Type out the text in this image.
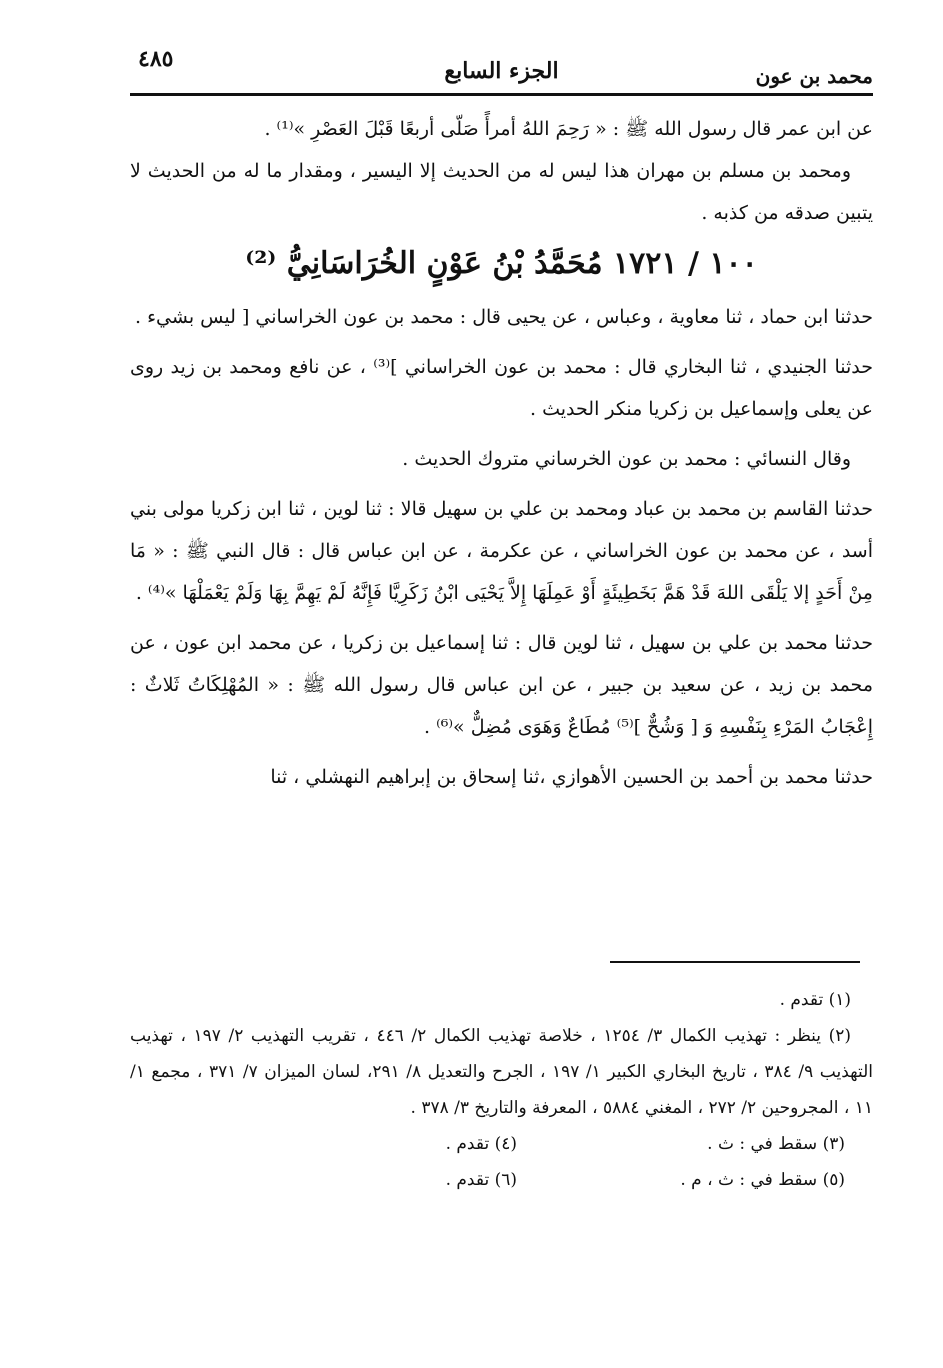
محمد بن عون
الجزء السابع
٤٨٥

عن ابن عمر قال رسول الله ﷺ : « رَحِمَ اللهُ أمرأً صَلّى أربعًا قَبْلَ العَصْرِ »⁽¹⁾ .

ومحمد بن مسلم بن مهران هذا ليس له من الحديث إلا اليسير ، ومقدار ما له من الحديث لا يتبين صدقه من كذبه .

١٠٠ / ١٧٢١ مُحَمَّدُ بْنُ عَوْنٍ الخُرَاسَانِيُّ ⁽²⁾

حدثنا ابن حماد ، ثنا معاوية ، وعباس ، عن يحيى قال : محمد بن عون الخراساني [ ليس بشيء .

حدثنا الجنيدي ، ثنا البخاري قال : محمد بن عون الخراساني ]⁽³⁾ ، عن نافع ومحمد بن زيد روى عن يعلى وإسماعيل بن زكريا منكر الحديث .

وقال النسائي : محمد بن عون الخرساني متروك الحديث .

حدثنا القاسم بن محمد بن عباد ومحمد بن علي بن سهيل قالا : ثنا لوين ، ثنا ابن زكريا مولى بني أسد ، عن محمد بن عون الخراساني ، عن عكرمة ، عن ابن عباس قال : قال النبي ﷺ : « مَا مِنْ أَحَدٍ إلا يَلْقَى اللهَ قَدْ هَمَّ بَخَطِيئَةٍ أَوْ عَمِلَهَا إِلاَّ يَحْيَى ابْنُ زَكَرِيَّا فَإِنَّهُ لَمْ يَهِمَّ بِهَا وَلَمْ يَعْمَلْهَا »⁽⁴⁾ .

حدثنا محمد بن علي بن سهيل ، ثنا لوين قال : ثنا إسماعيل بن زكريا ، عن محمد ابن عون ، عن محمد بن زيد ، عن سعيد بن جبير ، عن ابن عباس قال رسول الله ﷺ : « المُهْلِكَاتُ ثَلاثٌ : إِعْجَابُ المَرْءِ بِنَفْسِهِ وَ [ وَشُحٌّ ]⁽⁵⁾ مُطَاعٌ وَهَوَى مُضِلٌّ »⁽⁶⁾ .

حدثنا محمد بن أحمد بن الحسين الأهوازي ،ثنا إسحاق بن إبراهيم النهشلي ، ثنا

(١) تقدم .

(٢) ينظر : تهذيب الكمال ٣/ ١٢٥٤ ، خلاصة تهذيب الكمال ٢/ ٤٤٦ ، تقريب التهذيب ٢/ ١٩٧ ، تهذيب التهذيب ٩/ ٣٨٤ ، تاريخ البخاري الكبير ١/ ١٩٧ ، الجرح والتعديل ٨/ ٢٩١، لسان الميزان ٧/ ٣٧١ ، مجمع ١/ ١١ ، المجروحين ٢/ ٢٧٢ ، المغني ٥٨٨٤ ، المعرفة والتاريخ ٣/ ٣٧٨ .

(٣) سقط في : ث .
(٤) تقدم .
(٥) سقط في : ث ، م .
(٦) تقدم .
